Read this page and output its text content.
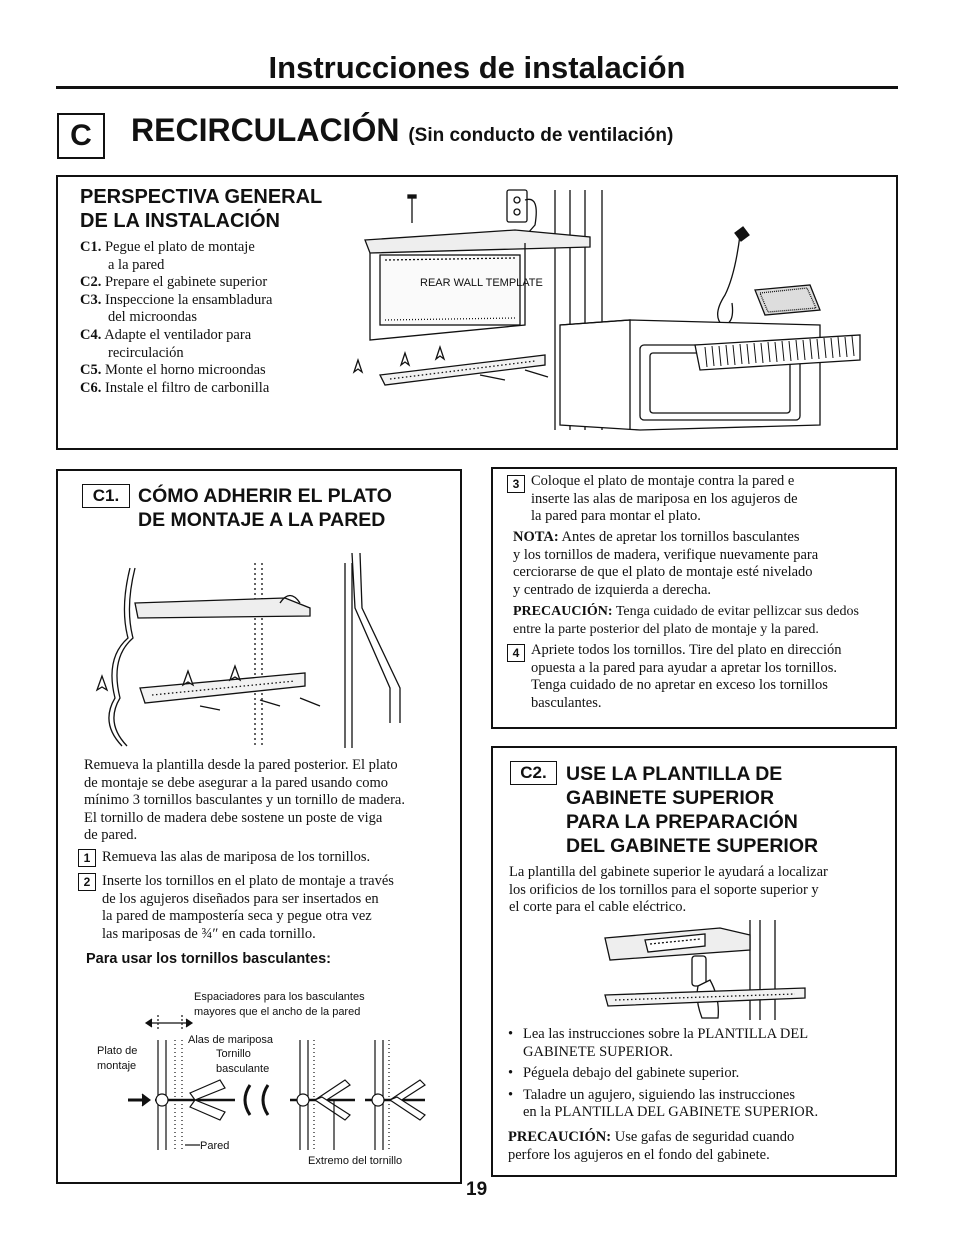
Instrucciones de instalación
C	RECIRCULACIÓN (Sin conducto de ventilación)
PERSPECTIVA GENERAL
DE LA INSTALACIÓN
C1. Pegue el plato de montaje
a la pared
C2. Prepare el gabinete superior
C3. Inspeccione la ensambladura
del microondas
C4. Adapte el ventilador para
recirculación
C5. Monte el horno microondas
C6. Instale el filtro de carbonilla
REAR WALL TEMPLATE
C1. CÓMO ADHERIR EL PLATO
DE MONTAJE A LA PARED
Remueva la plantilla desde la pared posterior. El plato
de montaje se debe asegurar a la pared usando como
mínimo 3 tornillos basculantes y un tornillo de madera.
El tornillo de madera debe sostene un poste de viga
de pared.
1 Remueva las alas de mariposa de los tornillos.
2 Inserte los tornillos en el plato de montaje a través
de los agujeros diseñados para ser insertados en
la pared de mampostería seca y pegue otra vez
las mariposas de ¾″ en cada tornillo.
Para usar los tornillos basculantes:
Espaciadores para los basculantes
mayores que el ancho de la pared
Plato de
montaje
Alas de mariposa
Tornillo
basculante
Pared
Extremo del tornillo
3 Coloque el plato de montaje contra la pared e
inserte las alas de mariposa en los agujeros de
la pared para montar el plato.
NOTA: Antes de apretar los tornillos basculantes
y los tornillos de madera, verifique nuevamente para
cerciorarse de que el plato de montaje esté nivelado
y centrado de izquierda a derecha.
PRECAUCIÓN: Tenga cuidado de evitar pellizcar sus dedos
entre la parte posterior del plato de montaje y la pared.
4 Apriete todos los tornillos. Tire del plato en dirección
opuesta a la pared para ayudar a apretar los tornillos.
Tenga cuidado de no apretar en exceso los tornillos
basculantes.
C2. USE LA PLANTILLA DE
GABINETE SUPERIOR
PARA LA PREPARACIÓN
DEL GABINETE SUPERIOR
La plantilla del gabinete superior le ayudará a localizar
los orificios de los tornillos para el soporte superior y
el corte para el cable eléctrico.
• Lea las instrucciones sobre la PLANTILLA DEL
GABINETE SUPERIOR.
• Péguela debajo del gabinete superior.
• Taladre un agujero, siguiendo las instrucciones
en la PLANTILLA DEL GABINETE SUPERIOR.
PRECAUCIÓN: Use gafas de seguridad cuando
perfore los agujeros en el fondo del gabinete.
19
